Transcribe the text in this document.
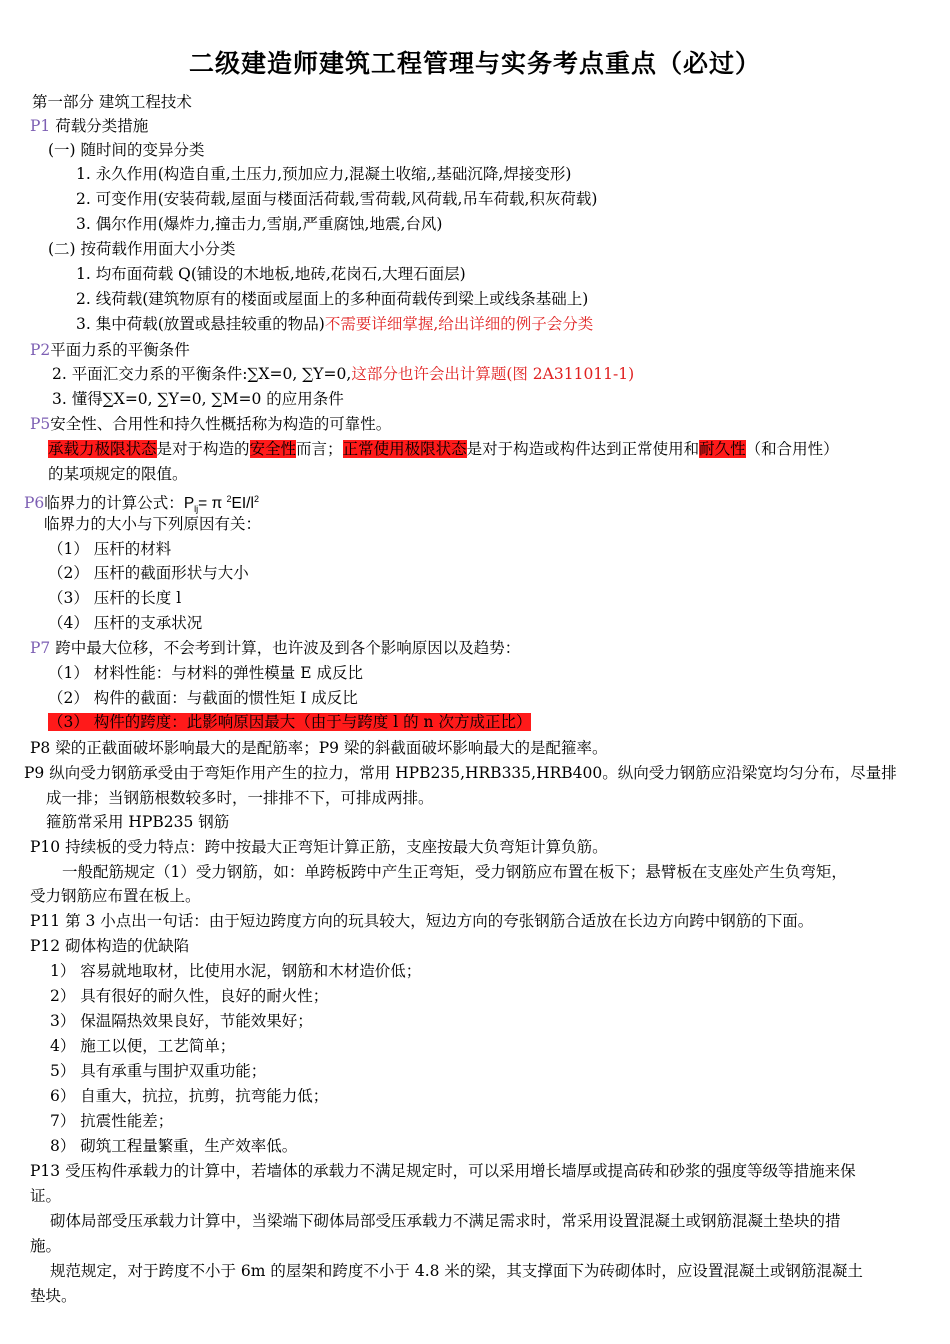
二级建造师建筑工程管理与实务考点重点（必过）
第一部分 建筑工程技术
P1 荷载分类措施
(一) 随时间的变异分类
1. 永久作用(构造自重,土压力,预加应力,混凝土收缩,,基础沉降,焊接变形)
2. 可变作用(安装荷载,屋面与楼面活荷载,雪荷载,风荷载,吊车荷载,积灰荷载)
3. 偶尔作用(爆炸力,撞击力,雪崩,严重腐蚀,地震,台风)
(二) 按荷载作用面大小分类
1. 均布面荷载 Q(铺设的木地板,地砖,花岗石,大理石面层)
2. 线荷载(建筑物原有的楼面或屋面上的多种面荷载传到梁上或线条基础上)
3. 集中荷载(放置或悬挂较重的物品)不需要详细掌握,给出详细的例子会分类
P2平面力系的平衡条件
2. 平面汇交力系的平衡条件:∑X=0, ∑Y=0,这部分也许会出计算题(图 2A311011-1)
3. 懂得∑X=0, ∑Y=0, ∑M=0 的应用条件
P5安全性、合用性和持久性概括称为构造的可靠性。
承载力极限状态是对于构造的安全性而言；正常使用极限状态是对于构造或构件达到正常使用和耐久性（和合用性）
的某项规定的限值。
P6临界力的计算公式：$P_{lj}= \pi$ $^2EI/l^2$
临界力的大小与下列原因有关：
（1） 压杆的材料
（2） 压杆的截面形状与大小
（3） 压杆的长度 l
（4） 压杆的支承状况
P7 跨中最大位移，不会考到计算，也许波及到各个影响原因以及趋势：
（1） 材料性能：与材料的弹性模量 E 成反比
（2） 构件的截面：与截面的惯性矩 I 成反比
（3） 构件的跨度：此影响原因最大（由于与跨度 l 的 n 次方成正比）
P8 梁的正截面破坏影响最大的是配筋率；P9 梁的斜截面破坏影响最大的是配箍率。
P9 纵向受力钢筋承受由于弯矩作用产生的拉力，常用 HPB235,HRB335,HRB400。纵向受力钢筋应沿梁宽均匀分布，尽量排
成一排；当钢筋根数较多时，一排排不下，可排成两排。
箍筋常采用 HPB235 钢筋
P10 持续板的受力特点：跨中按最大正弯矩计算正筋，支座按最大负弯矩计算负筋。
一般配筋规定（1）受力钢筋，如：单跨板跨中产生正弯矩，受力钢筋应布置在板下；悬臂板在支座处产生负弯矩，
受力钢筋应布置在板上。
P11 第 3 小点出一句话：由于短边跨度方向的玩具较大，短边方向的夸张钢筋合适放在长边方向跨中钢筋的下面。
P12 砌体构造的优缺陷
1） 容易就地取材，比使用水泥，钢筋和木材造价低；
2） 具有很好的耐久性，良好的耐火性；
3） 保温隔热效果良好，节能效果好；
4） 施工以便，工艺简单；
5） 具有承重与围护双重功能；
6） 自重大，抗拉，抗剪，抗弯能力低；
7） 抗震性能差；
8） 砌筑工程量繁重，生产效率低。
P13 受压构件承载力的计算中，若墙体的承载力不满足规定时，可以采用增长墙厚或提高砖和砂浆的强度等级等措施来保
证。
砌体局部受压承载力计算中，当梁端下砌体局部受压承载力不满足需求时，常采用设置混凝土或钢筋混凝土垫块的措
施。
规范规定，对于跨度不小于 6m 的屋架和跨度不小于 4.8 米的梁，其支撑面下为砖砌体时，应设置混凝土或钢筋混凝土
垫块。
